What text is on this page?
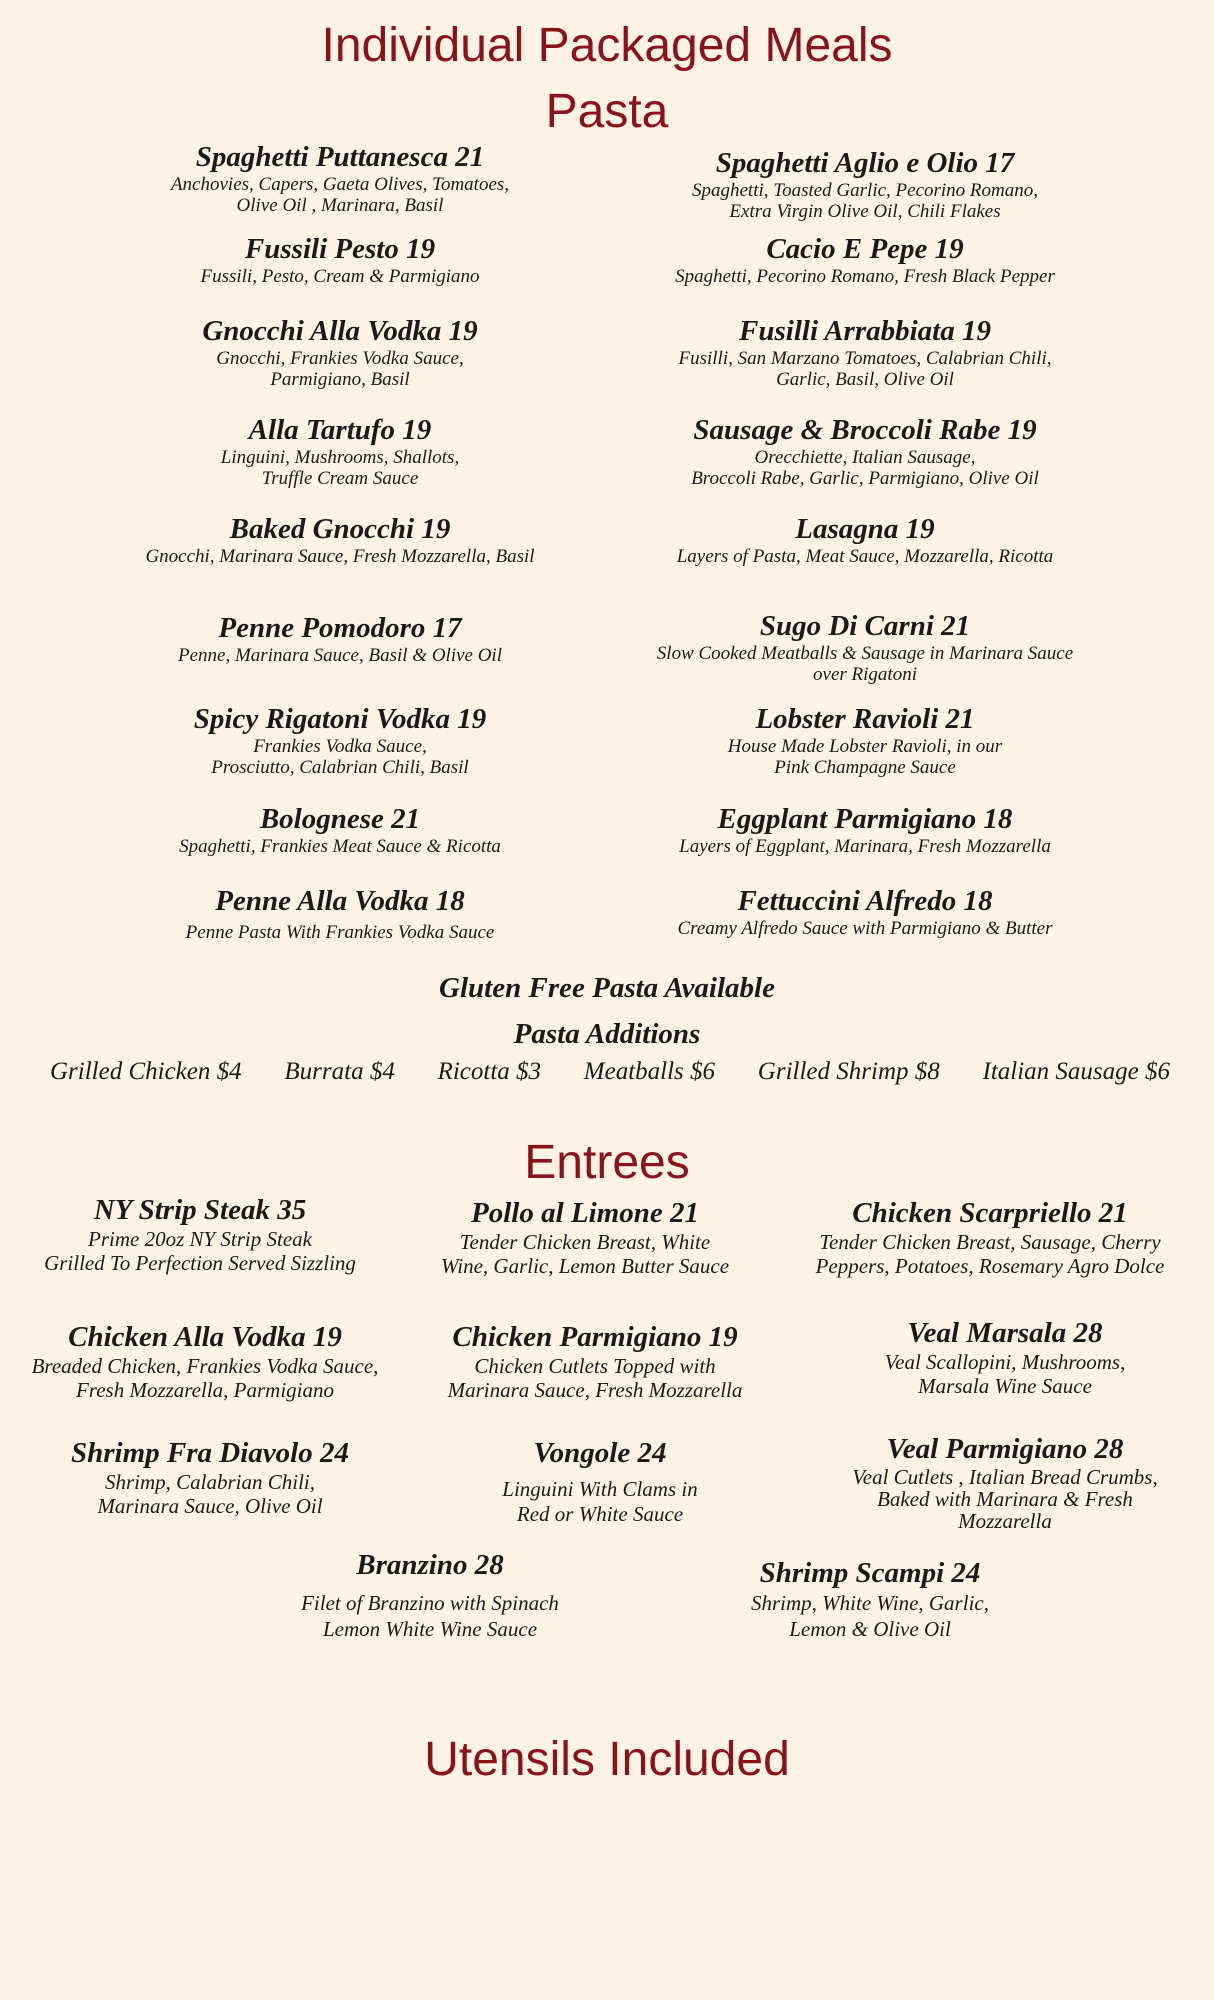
Individual Packaged Meals
Pasta
Spaghetti Puttanesca 21
Anchovies, Capers, Gaeta Olives, Tomatoes,
Olive Oil , Marinara, Basil
Fussili Pesto 19
Fussili, Pesto, Cream & Parmigiano
Gnocchi Alla Vodka 19
Gnocchi, Frankies Vodka Sauce,
Parmigiano, Basil
Alla Tartufo 19
Linguini, Mushrooms, Shallots,
Truffle Cream Sauce
Baked Gnocchi 19
Gnocchi, Marinara Sauce, Fresh Mozzarella, Basil
Penne Pomodoro 17
Penne, Marinara Sauce, Basil & Olive Oil
Spicy Rigatoni Vodka 19
Frankies Vodka Sauce,
Prosciutto, Calabrian Chili, Basil
Bolognese 21
Spaghetti, Frankies Meat Sauce & Ricotta
Penne Alla Vodka 18
Penne Pasta With Frankies Vodka Sauce
Spaghetti Aglio e Olio 17
Spaghetti, Toasted Garlic, Pecorino Romano,
Extra Virgin Olive Oil, Chili Flakes
Cacio E Pepe 19
Spaghetti, Pecorino Romano, Fresh Black Pepper
Fusilli Arrabbiata 19
Fusilli, San Marzano Tomatoes, Calabrian Chili,
Garlic, Basil, Olive Oil
Sausage & Broccoli Rabe 19
Orecchiette, Italian Sausage,
Broccoli Rabe, Garlic, Parmigiano, Olive Oil
Lasagna 19
Layers of Pasta, Meat Sauce, Mozzarella, Ricotta
Sugo Di Carni 21
Slow Cooked Meatballs & Sausage in Marinara Sauce
over Rigatoni
Lobster Ravioli 21
House Made Lobster Ravioli, in our
Pink Champagne Sauce
Eggplant Parmigiano 18
Layers of Eggplant, Marinara, Fresh Mozzarella
Fettuccini Alfredo 18
Creamy Alfredo Sauce with Parmigiano & Butter
Gluten Free Pasta Available
Pasta Additions
Grilled Chicken $4 Burrata $4 Ricotta $3 Meatballs $6 Grilled Shrimp $8 Italian Sausage $6
Entrees
NY Strip Steak 35
Prime 20oz NY Strip Steak
Grilled To Perfection Served Sizzling
Pollo al Limone 21
Tender Chicken Breast, White
Wine, Garlic, Lemon Butter Sauce
Chicken Scarpriello 21
Tender Chicken Breast, Sausage, Cherry
Peppers, Potatoes, Rosemary Agro Dolce
Chicken Alla Vodka 19
Breaded Chicken, Frankies Vodka Sauce,
Fresh Mozzarella, Parmigiano
Chicken Parmigiano 19
Chicken Cutlets Topped with
Marinara Sauce, Fresh Mozzarella
Veal Marsala 28
Veal Scallopini, Mushrooms,
Marsala Wine Sauce
Shrimp Fra Diavolo 24
Shrimp, Calabrian Chili,
Marinara Sauce, Olive Oil
Vongole 24
Linguini With Clams in
Red or White Sauce
Veal Parmigiano 28
Veal Cutlets , Italian Bread Crumbs,
Baked with Marinara & Fresh
Mozzarella
Branzino 28
Filet of Branzino with Spinach
Lemon White Wine Sauce
Shrimp Scampi 24
Shrimp, White Wine, Garlic,
Lemon & Olive Oil
Utensils Included
